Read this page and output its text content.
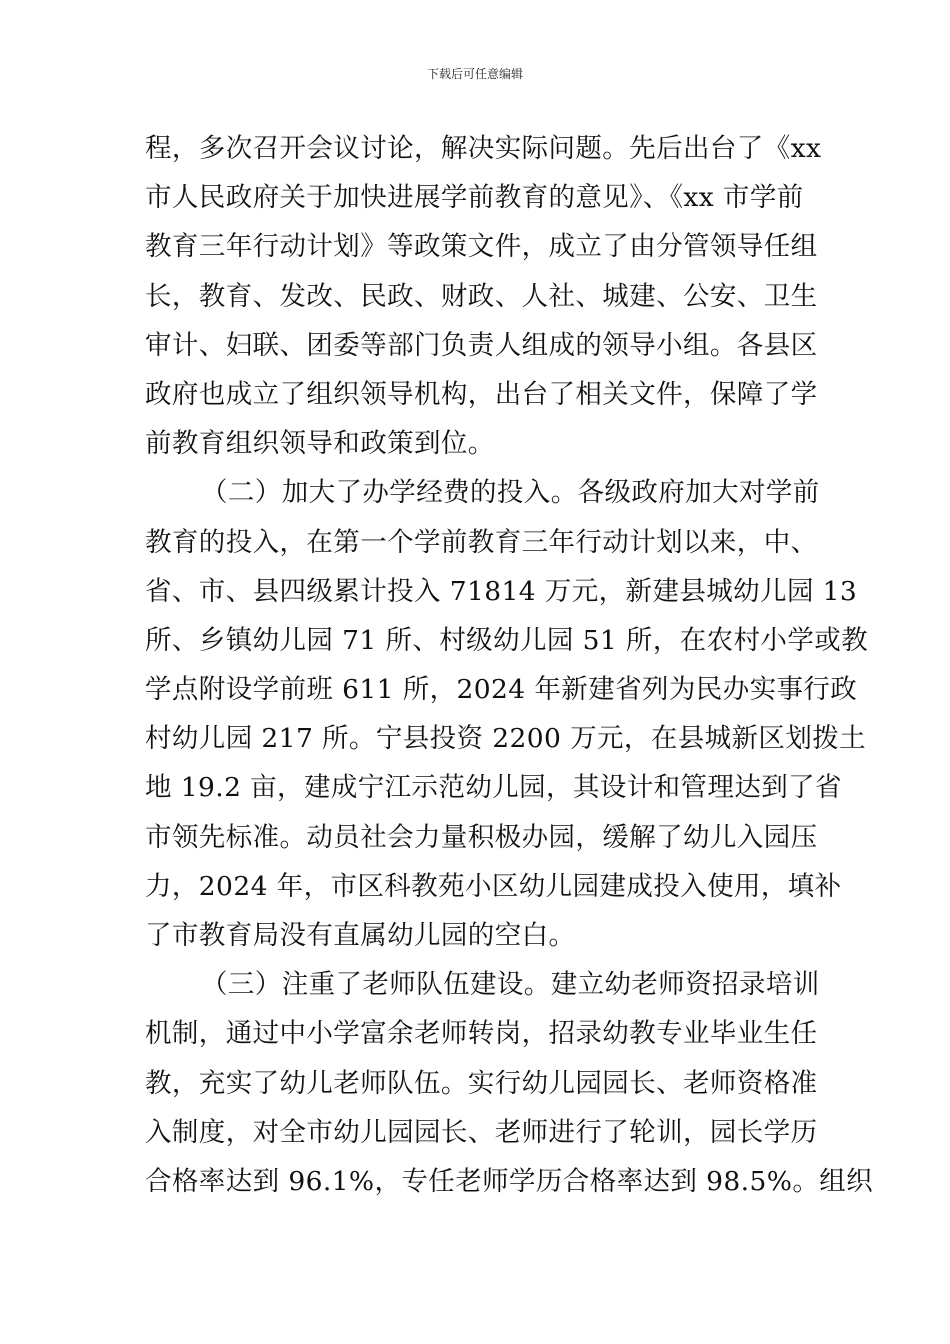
下载后可任意编辑
程，多次召开会议讨论，解决实际问题。先后出台了《xx
市人民政府关于加快进展学前教育的意见》、《xx 市学前
教育三年行动计划》等政策文件，成立了由分管领导任组
长，教育、发改、民政、财政、人社、城建、公安、卫生
审计、妇联、团委等部门负责人组成的领导小组。各县区
政府也成立了组织领导机构，出台了相关文件，保障了学
前教育组织领导和政策到位。
（二）加大了办学经费的投入。各级政府加大对学前
教育的投入，在第一个学前教育三年行动计划以来，中、
省、市、县四级累计投入 71814 万元，新建县城幼儿园 13
所、乡镇幼儿园 71 所、村级幼儿园 51 所，在农村小学或教
学点附设学前班 611 所，2024 年新建省列为民办实事行政
村幼儿园 217 所。宁县投资 2200 万元，在县城新区划拨土
地 19.2 亩，建成宁江示范幼儿园，其设计和管理达到了省
市领先标准。动员社会力量积极办园，缓解了幼儿入园压
力，2024 年，市区科教苑小区幼儿园建成投入使用，填补
了市教育局没有直属幼儿园的空白。
（三）注重了老师队伍建设。建立幼老师资招录培训
机制，通过中小学富余老师转岗，招录幼教专业毕业生任
教，充实了幼儿老师队伍。实行幼儿园园长、老师资格准
入制度，对全市幼儿园园长、老师进行了轮训，园长学历
合格率达到 96.1%，专任老师学历合格率达到 98.5%。组织
